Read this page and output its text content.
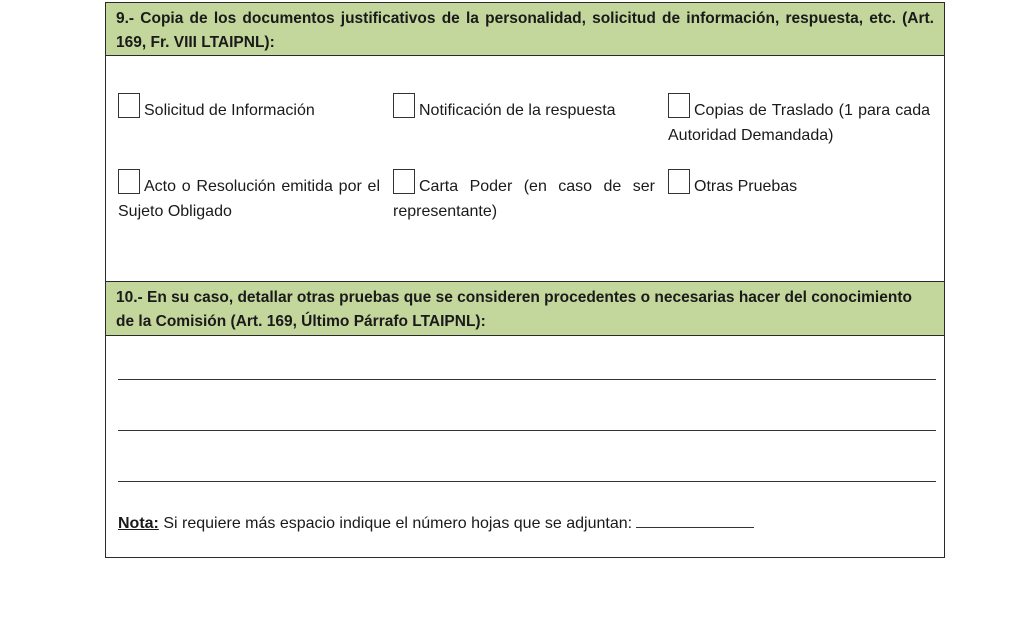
9.- Copia de los documentos justificativos de la personalidad, solicitud de información, respuesta, etc. (Art. 169, Fr. VIII LTAIPNL):
Solicitud de Información	Notificación de la respuesta	Copias de Traslado (1 para cada Autoridad Demandada)
Acto o Resolución emitida por el Sujeto Obligado
Carta Poder (en caso de ser representante)
Otras Pruebas
10.- En su caso, detallar otras pruebas que se consideren procedentes o necesarias hacer del conocimiento de la Comisión (Art. 169, Último Párrafo LTAIPNL):
Nota: Si requiere más espacio indique el número hojas que se adjuntan:
